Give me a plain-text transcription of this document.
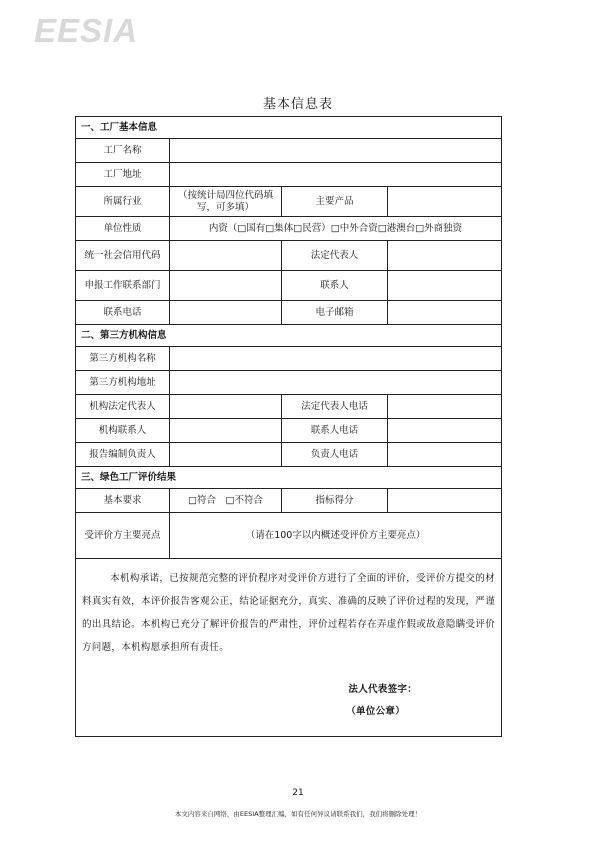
EESIA
基本信息表
一、工厂基本信息			
工厂名称			
工厂地址			
所属行业	（按统计局四位代码填写，可多填）	主要产品	
单位性质	内资（□国有□集体□民营）□中外合资□港澳台□外商独资		
统一社会信用代码		法定代表人	
申报工作联系部门		联系人	
联系电话		电子邮箱	
二、第三方机构信息			
第三方机构名称			
第三方机构地址			
机构法定代表人		法定代表人电话	
机构联系人		联系人电话	
报告编制负责人		负责人电话	
三、绿色工厂评价结果			
基本要求	□符合　□不符合	指标得分	
受评价方主要亮点	（请在100字以内概述受评价方主要亮点）		

本机构承诺，已按规范完整的评价程序对受评价方进行了全面的评价，受评价方提交的材料真实有效，本评价报告客观公正，结论证据充分，真实、准确的反映了评价过程的发现，严谨的出具结论。本机构已充分了解评价报告的严肃性，评价过程若存在弄虚作假或故意隐瞒受评价方问题，本机构愿承担所有责任。
法人代表签字：
（单位公章）			
21
本文内容来自网络，由EESIA整理汇编，如有任何异议请联系我们，我们将删除处理！
